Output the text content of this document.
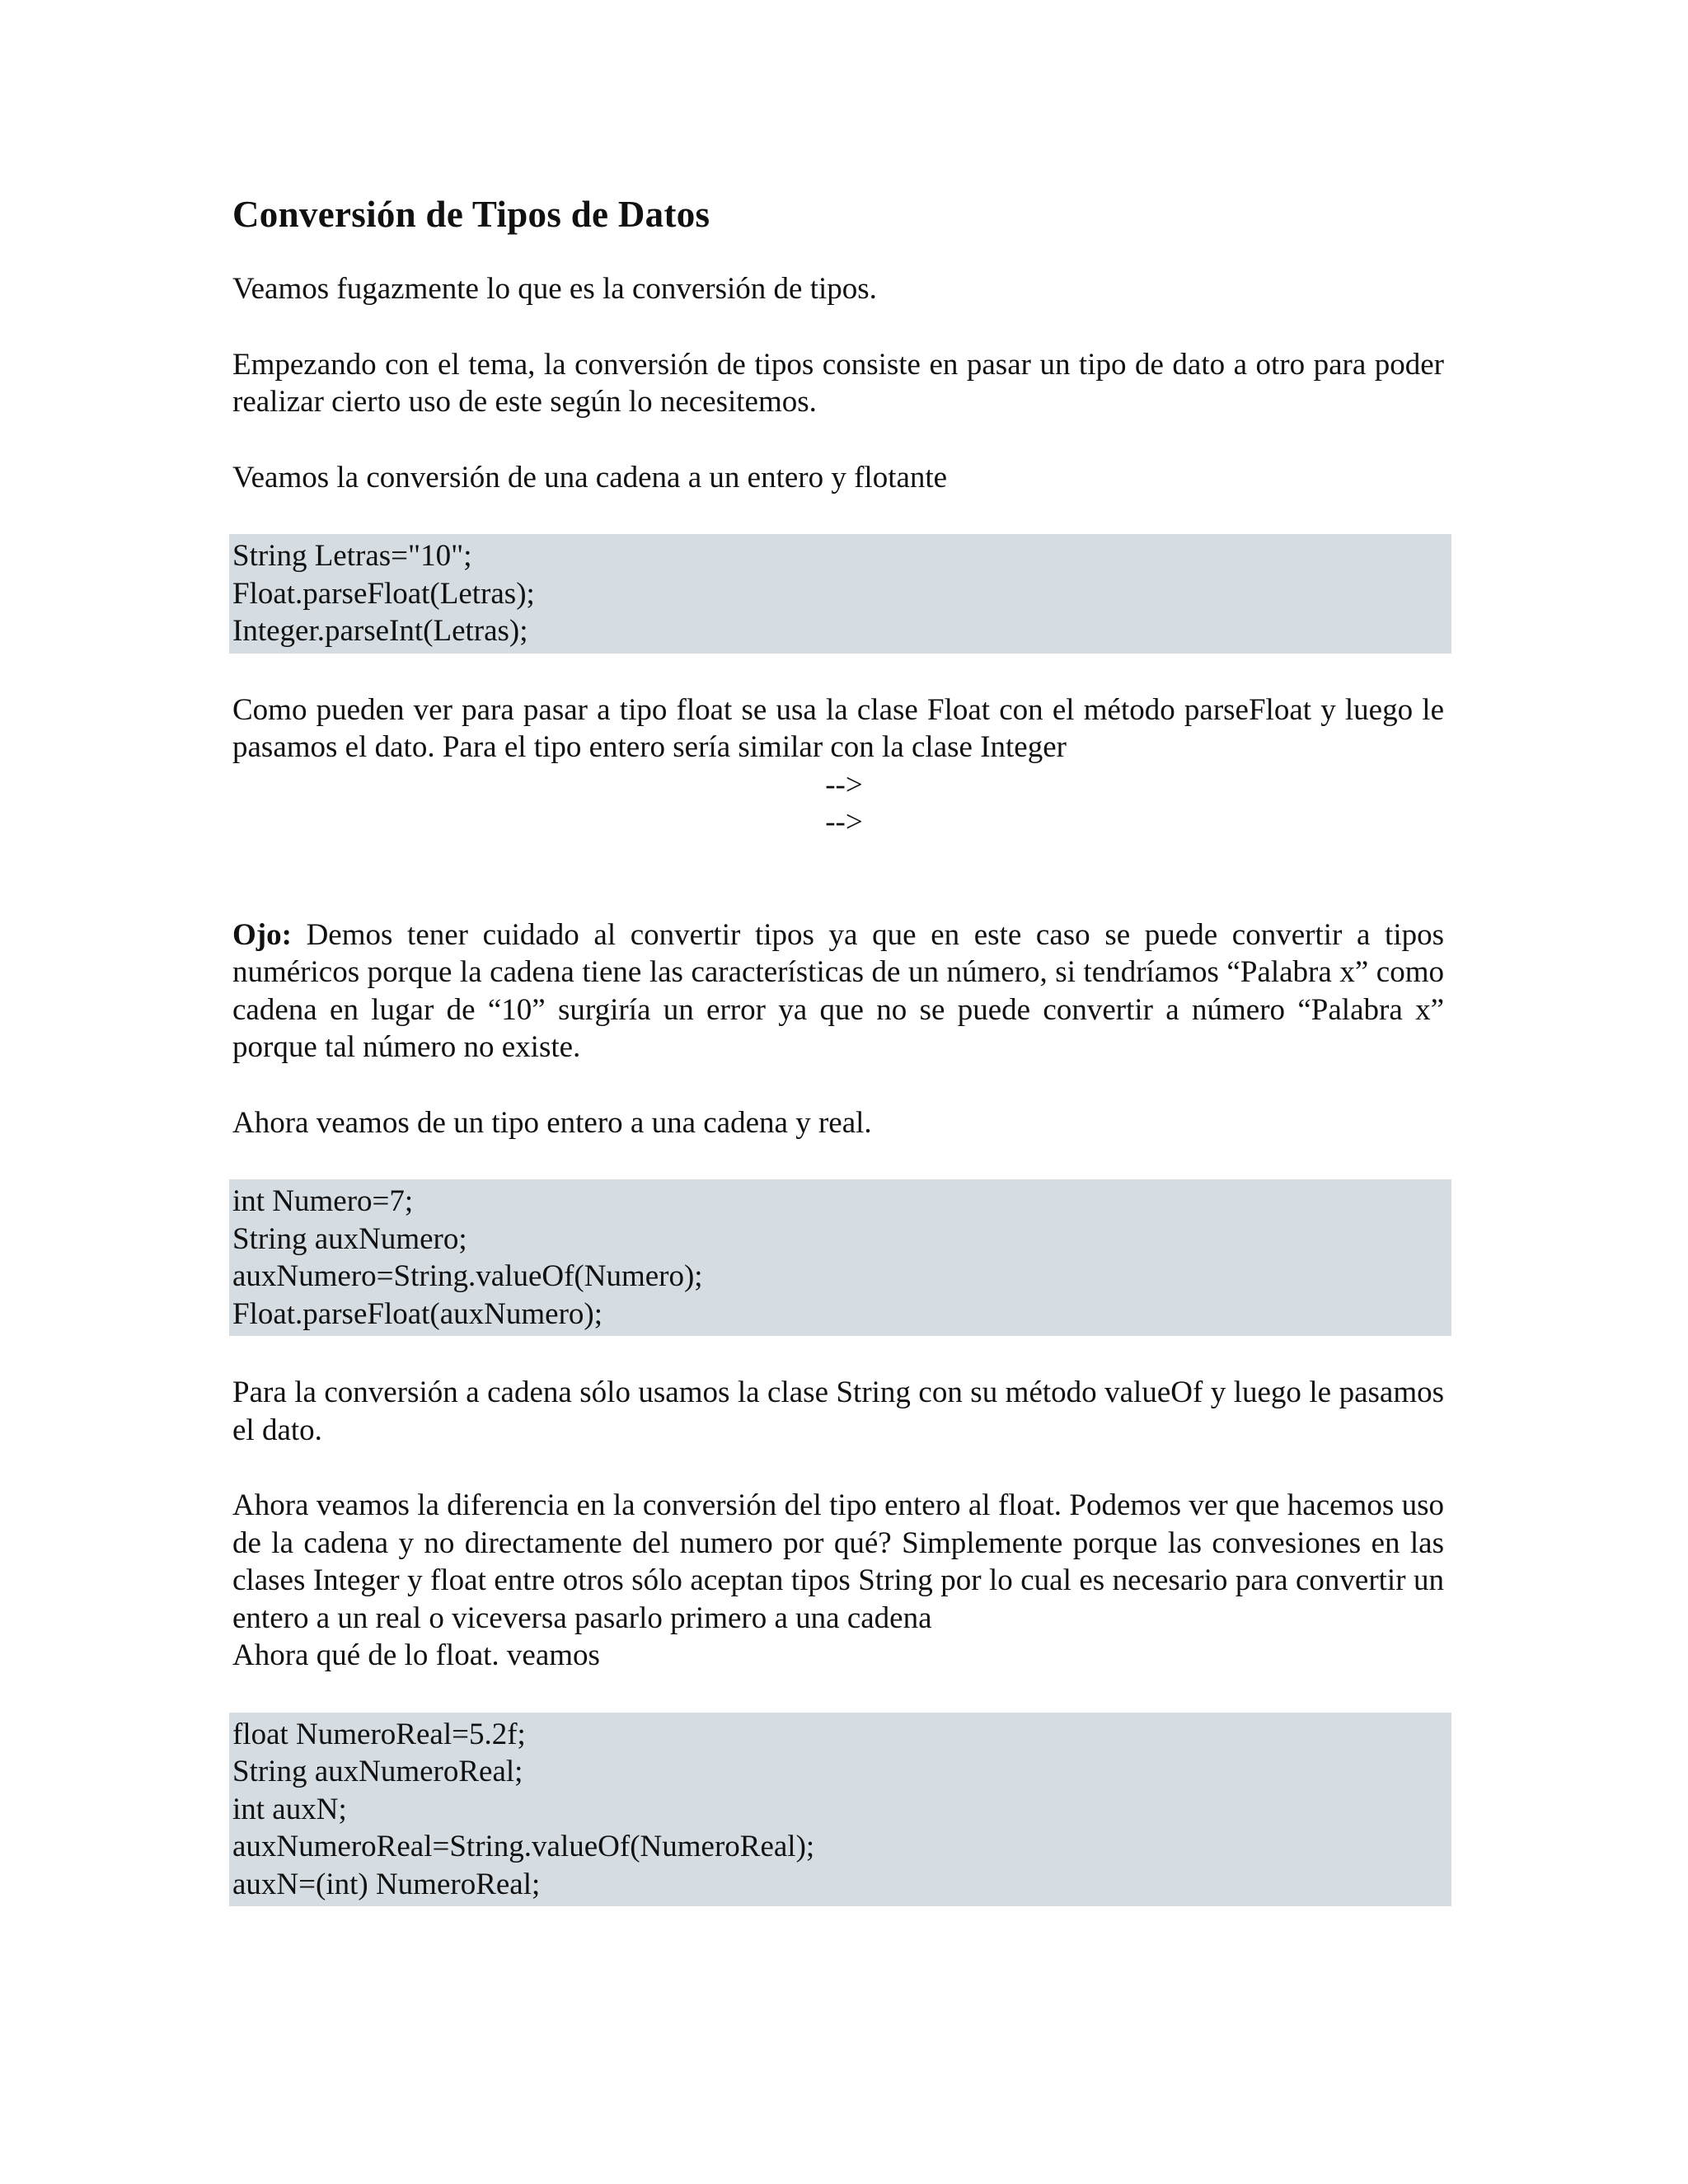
Conversión de Tipos de Datos

Veamos fugazmente lo que es la conversión de tipos.

Empezando con el tema, la conversión de tipos consiste en pasar un tipo de dato a otro para poder realizar cierto uso de este según lo necesitemos.

Veamos la conversión de una cadena a un entero y flotante

String Letras="10";
Float.parseFloat(Letras);
Integer.parseInt(Letras);

Como pueden ver para pasar a tipo float se usa la clase Float con el método parseFloat y luego le pasamos el dato. Para el tipo entero sería similar con la clase Integer

-->
-->

Ojo: Demos tener cuidado al convertir tipos ya que en este caso se puede convertir a tipos numéricos porque la cadena tiene las características de un número, si tendríamos “Palabra x” como cadena en lugar de “10” surgiría un error ya que no se puede convertir a número “Palabra x” porque tal número no existe.

Ahora veamos de un tipo entero a una cadena y real.

int Numero=7;
String auxNumero;
auxNumero=String.valueOf(Numero);
Float.parseFloat(auxNumero);

Para la conversión a cadena sólo usamos la clase String con su método valueOf y luego le pasamos el dato.

Ahora veamos la diferencia en la conversión del tipo entero al float. Podemos ver que hacemos uso de la cadena y no directamente del numero por qué? Simplemente porque las convesiones en las clases Integer y float entre otros sólo aceptan tipos String por lo cual es necesario para convertir un entero a un real o viceversa pasarlo primero a una cadena

Ahora qué de lo float. veamos

float NumeroReal=5.2f;
String auxNumeroReal;
int auxN;
auxNumeroReal=String.valueOf(NumeroReal);
auxN=(int) NumeroReal;
